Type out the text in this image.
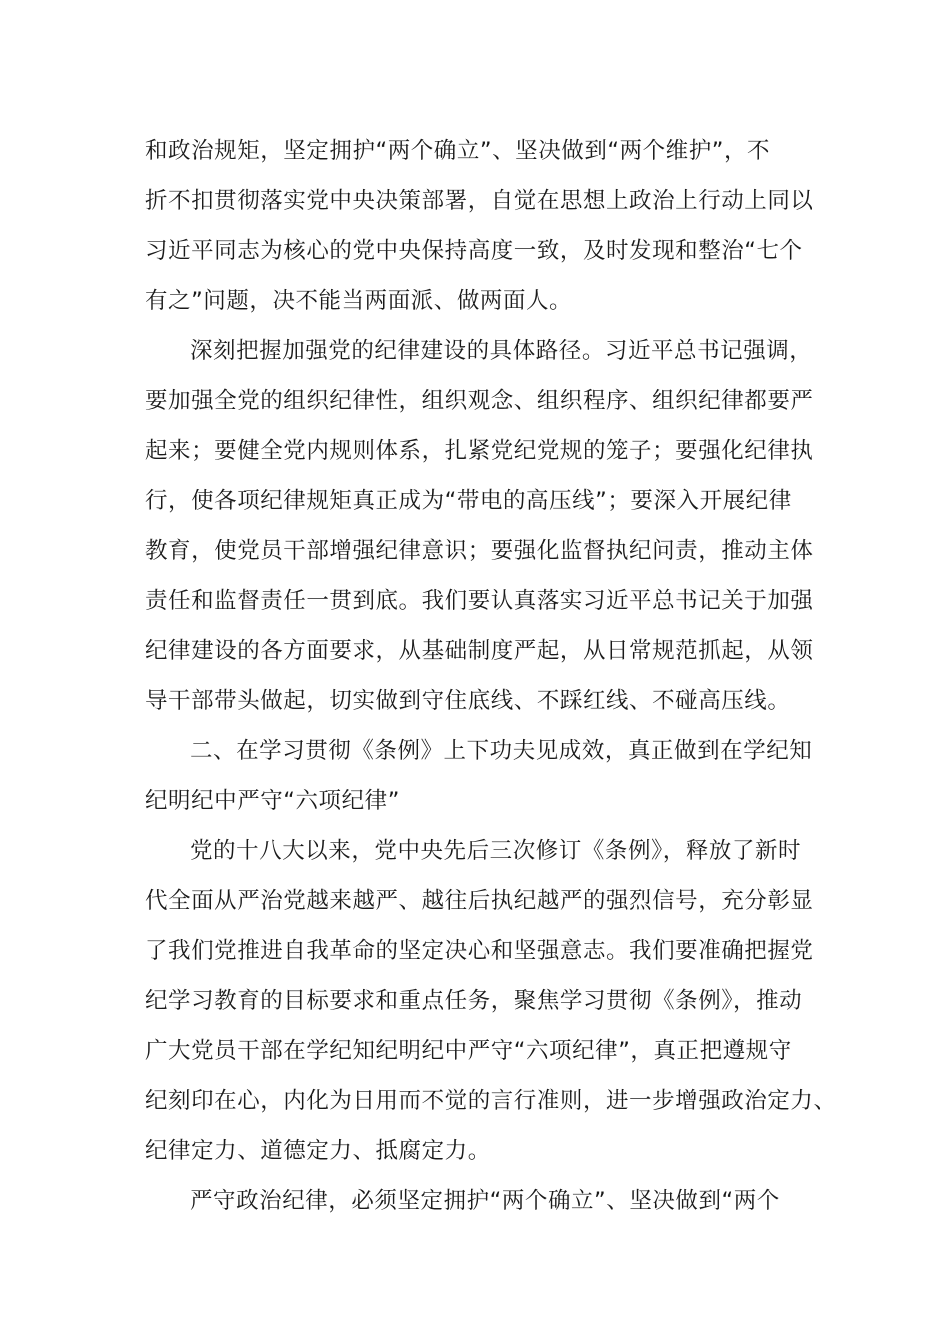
和政治规矩，坚定拥护“两个确立”、坚决做到“两个维护”，不
折不扣贯彻落实党中央决策部署，自觉在思想上政治上行动上同以
习近平同志为核心的党中央保持高度一致，及时发现和整治“七个
有之”问题，决不能当两面派、做两面人。
深刻把握加强党的纪律建设的具体路径。习近平总书记强调，
要加强全党的组织纪律性，组织观念、组织程序、组织纪律都要严
起来；要健全党内规则体系，扎紧党纪党规的笼子；要强化纪律执
行，使各项纪律规矩真正成为“带电的高压线”；要深入开展纪律
教育，使党员干部增强纪律意识；要强化监督执纪问责，推动主体
责任和监督责任一贯到底。我们要认真落实习近平总书记关于加强
纪律建设的各方面要求，从基础制度严起，从日常规范抓起，从领
导干部带头做起，切实做到守住底线、不踩红线、不碰高压线。
二、在学习贯彻《条例》上下功夫见成效，真正做到在学纪知
纪明纪中严守“六项纪律”
党的十八大以来，党中央先后三次修订《条例》，释放了新时
代全面从严治党越来越严、越往后执纪越严的强烈信号，充分彰显
了我们党推进自我革命的坚定决心和坚强意志。我们要准确把握党
纪学习教育的目标要求和重点任务，聚焦学习贯彻《条例》，推动
广大党员干部在学纪知纪明纪中严守“六项纪律”，真正把遵规守
纪刻印在心，内化为日用而不觉的言行准则，进一步增强政治定力、
纪律定力、道德定力、抵腐定力。
严守政治纪律，必须坚定拥护“两个确立”、坚决做到“两个
